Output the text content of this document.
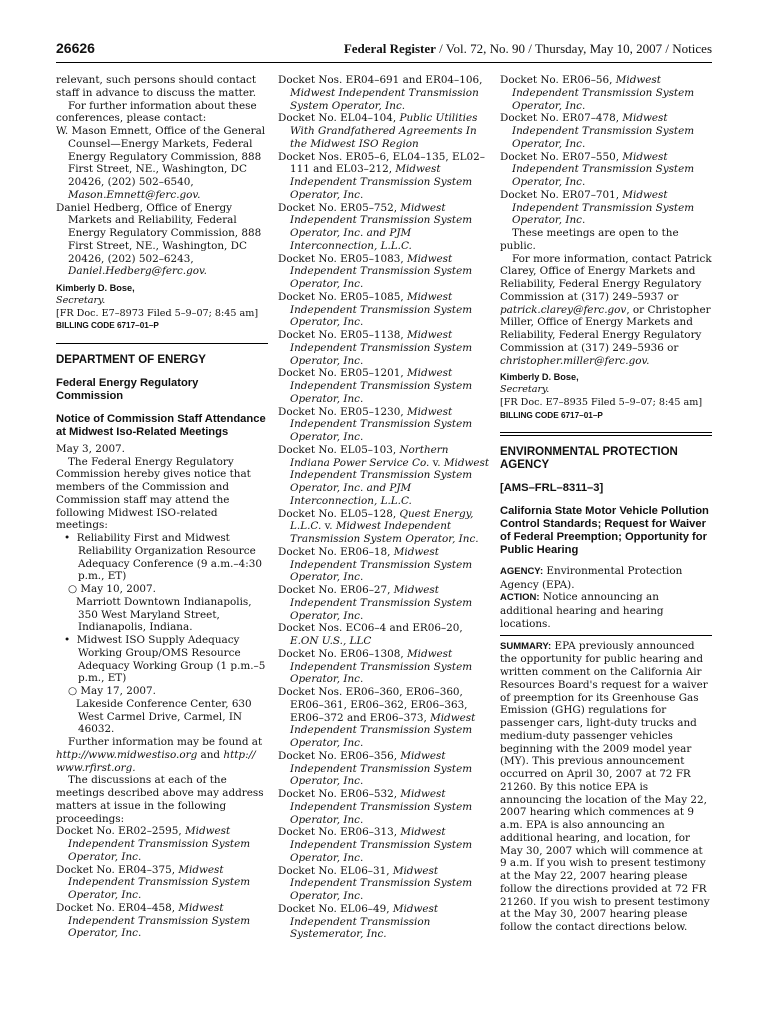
26626	Federal Register / Vol. 72, No. 90 / Thursday, May 10, 2007 / Notices

relevant, such persons should contact staff in advance to discuss the matter.

For further information about these conferences, please contact:

W. Mason Emnett, Office of the General Counsel—Energy Markets, Federal Energy Regulatory Commission, 888 First Street, NE., Washington, DC 20426, (202) 502–6540, Mason.Emnett@ferc.gov.

Daniel Hedberg, Office of Energy Markets and Reliability, Federal Energy Regulatory Commission, 888 First Street, NE., Washington, DC 20426, (202) 502–6243, Daniel.Hedberg@ferc.gov.

Kimberly D. Bose,

Secretary.

[FR Doc. E7–8973 Filed 5–9–07; 8:45 am]

BILLING CODE 6717–01–P

DEPARTMENT OF ENERGY

Federal Energy Regulatory Commission

Notice of Commission Staff Attendance at Midwest Iso-Related Meetings

May 3, 2007.

The Federal Energy Regulatory Commission hereby gives notice that members of the Commission and Commission staff may attend the following Midwest ISO-related meetings:

•  Reliability First and Midwest Reliability Organization Resource Adequacy Conference (9 a.m.–4:30 p.m., ET)

○ May 10, 2007.

Marriott Downtown Indianapolis, 350 West Maryland Street, Indianapolis, Indiana.

•  Midwest ISO Supply Adequacy Working Group/OMS Resource Adequacy Working Group (1 p.m.–5 p.m., ET)

○ May 17, 2007.

Lakeside Conference Center, 630 West Carmel Drive, Carmel, IN 46032.

Further information may be found at http://www.midwestiso.org and http:// www.rfirst.org.

The discussions at each of the meetings described above may address matters at issue in the following proceedings:

Docket No. ER02–2595, Midwest Independent Transmission System Operator, Inc.

Docket No. ER04–375, Midwest Independent Transmission System Operator, Inc.

Docket No. ER04–458, Midwest Independent Transmission System Operator, Inc.

Docket Nos. ER04–691 and ER04–106, Midwest Independent Transmission System Operator, Inc.

Docket No. EL04–104, Public Utilities With Grandfathered Agreements In the Midwest ISO Region

Docket Nos. ER05–6, EL04–135, EL02–111 and EL03–212, Midwest Independent Transmission System Operator, Inc.

Docket No. ER05–752, Midwest Independent Transmission System Operator, Inc. and PJM Interconnection, L.L.C.

Docket No. ER05–1083, Midwest Independent Transmission System Operator, Inc.

Docket No. ER05–1085, Midwest Independent Transmission System Operator, Inc.

Docket No. ER05–1138, Midwest Independent Transmission System Operator, Inc.

Docket No. ER05–1201, Midwest Independent Transmission System Operator, Inc.

Docket No. ER05–1230, Midwest Independent Transmission System Operator, Inc.

Docket No. EL05–103, Northern Indiana Power Service Co. v. Midwest Independent Transmission System Operator, Inc. and PJM Interconnection, L.L.C.

Docket No. EL05–128, Quest Energy, L.L.C. v. Midwest Independent Transmission System Operator, Inc.

Docket No. ER06–18, Midwest Independent Transmission System Operator, Inc.

Docket No. ER06–27, Midwest Independent Transmission System Operator, Inc.

Docket Nos. EC06–4 and ER06–20, E.ON U.S., LLC

Docket No. ER06–1308, Midwest Independent Transmission System Operator, Inc.

Docket Nos. ER06–360, ER06–360, ER06–361, ER06–362, ER06–363, ER06–372 and ER06–373, Midwest Independent Transmission System Operator, Inc.

Docket No. ER06–356, Midwest Independent Transmission System Operator, Inc.

Docket No. ER06–532, Midwest Independent Transmission System Operator, Inc.

Docket No. ER06–313, Midwest Independent Transmission System Operator, Inc.

Docket No. EL06–31, Midwest Independent Transmission System Operator, Inc.

Docket No. EL06–49, Midwest Independent Transmission Systemerator, Inc.

Docket No. ER06–56, Midwest Independent Transmission System Operator, Inc.

Docket No. ER07–478, Midwest Independent Transmission System Operator, Inc.

Docket No. ER07–550, Midwest Independent Transmission System Operator, Inc.

Docket No. ER07–701, Midwest Independent Transmission System Operator, Inc.

These meetings are open to the public.

For more information, contact Patrick Clarey, Office of Energy Markets and Reliability, Federal Energy Regulatory Commission at (317) 249–5937 or patrick.clarey@ferc.gov, or Christopher Miller, Office of Energy Markets and Reliability, Federal Energy Regulatory Commission at (317) 249–5936 or christopher.miller@ferc.gov.

Kimberly D. Bose,

Secretary.

[FR Doc. E7–8935 Filed 5–9–07; 8:45 am]

BILLING CODE 6717–01–P

ENVIRONMENTAL PROTECTION AGENCY

[AMS–FRL–8311–3]

California State Motor Vehicle Pollution Control Standards; Request for Waiver of Federal Preemption; Opportunity for Public Hearing

AGENCY: Environmental Protection Agency (EPA).

ACTION: Notice announcing an additional hearing and hearing locations.

SUMMARY: EPA previously announced the opportunity for public hearing and written comment on the California Air Resources Board's request for a waiver of preemption for its Greenhouse Gas Emission (GHG) regulations for passenger cars, light-duty trucks and medium-duty passenger vehicles beginning with the 2009 model year (MY). This previous announcement occurred on April 30, 2007 at 72 FR 21260. By this notice EPA is announcing the location of the May 22, 2007 hearing which commences at 9 a.m. EPA is also announcing an additional hearing, and location, for May 30, 2007 which will commence at 9 a.m. If you wish to present testimony at the May 22, 2007 hearing please follow the directions provided at 72 FR 21260. If you wish to present testimony at the May 30, 2007 hearing please follow the contact directions below.
